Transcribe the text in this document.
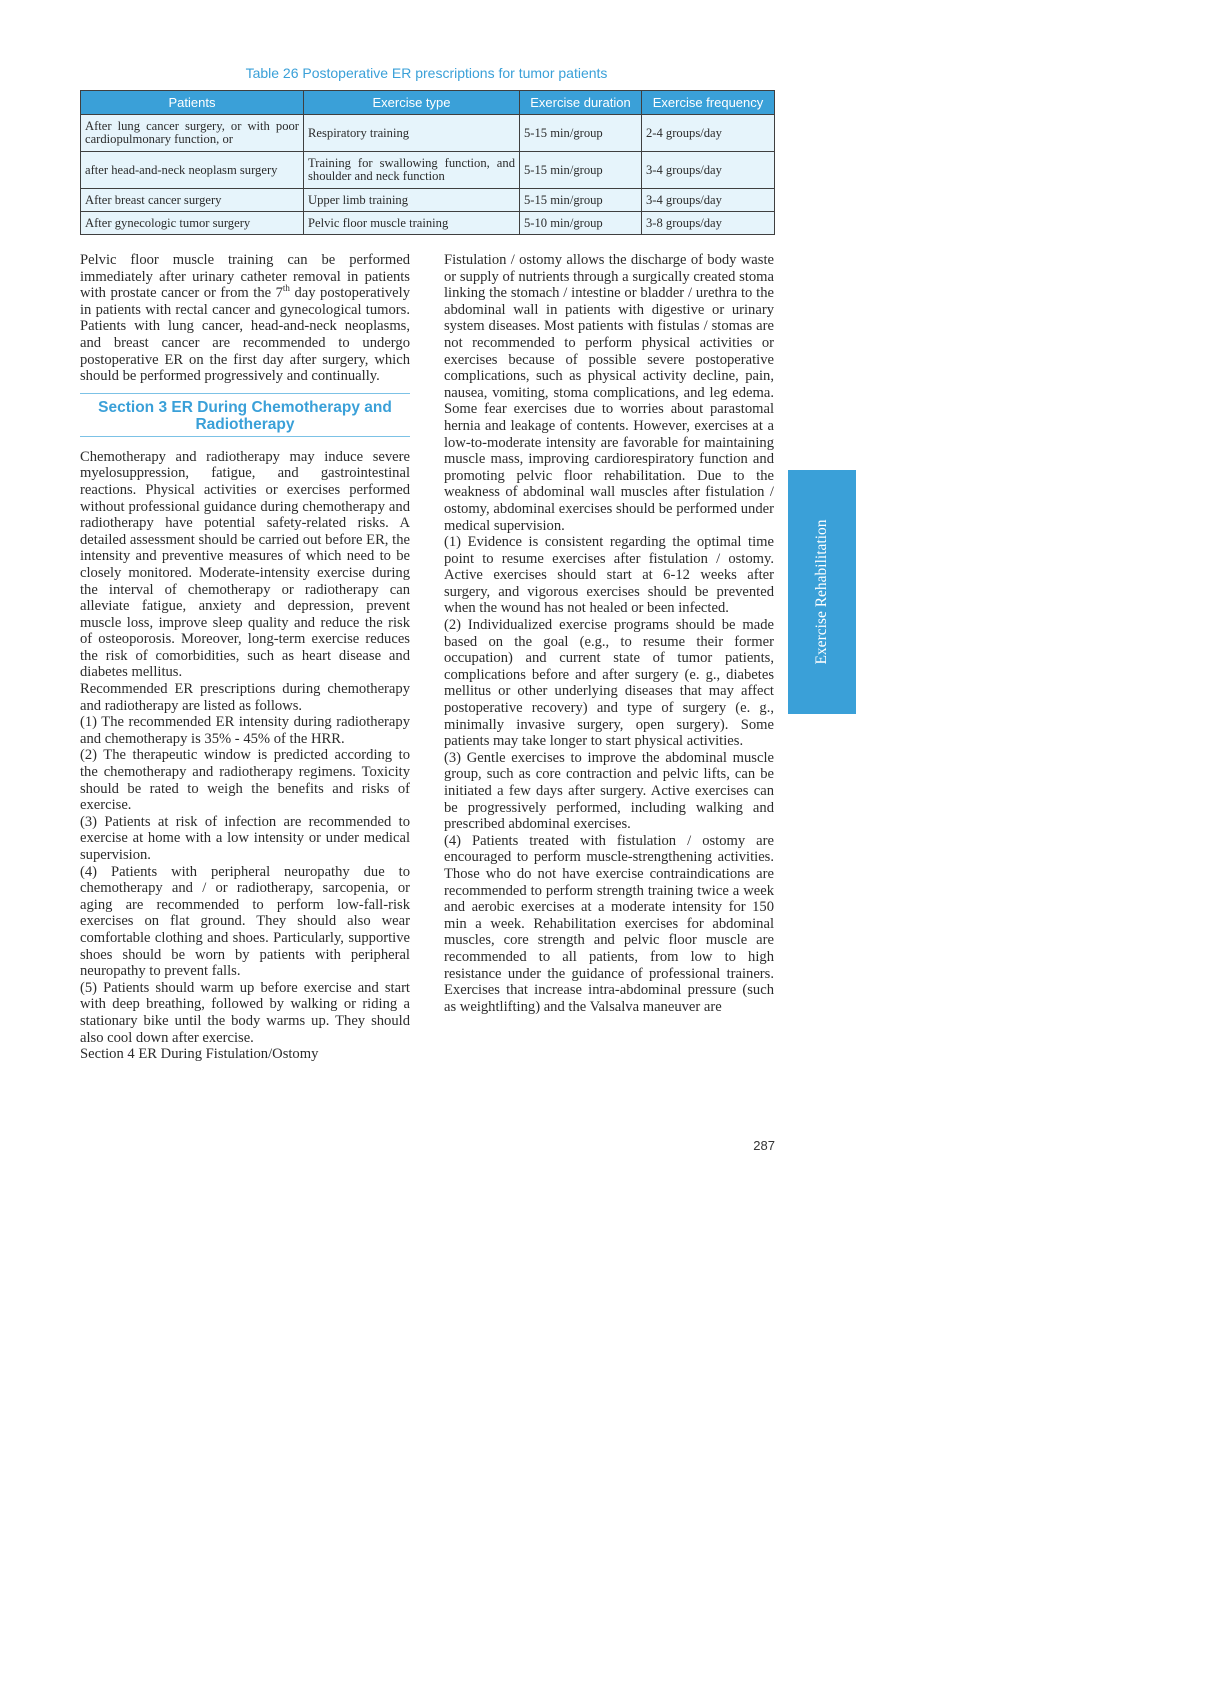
Table 26 Postoperative ER prescriptions for tumor patients
Patients	Exercise type	Exercise duration	Exercise frequency
After lung cancer surgery, or with poor cardiopulmonary function, or	Respiratory training	5-15 min/group	2-4 groups/day
after head-and-neck neoplasm surgery	Training for swallowing function, and shoulder and neck function	5-15 min/group	3-4 groups/day
After breast cancer surgery	Upper limb training	5-15 min/group	3-4 groups/day
After gynecologic tumor surgery	Pelvic floor muscle training	5-10 min/group	3-8 groups/day

Pelvic floor muscle training can be performed immediately after urinary catheter removal in patients with prostate cancer or from the 7th day postoperatively in patients with rectal cancer and gynecological tumors. Patients with lung cancer, head-and-neck neoplasms, and breast cancer are recommended to undergo postoperative ER on the first day after surgery, which should be performed progressively and continually.

Section 3 ER During Chemotherapy and Radiotherapy

Chemotherapy and radiotherapy may induce severe myelosuppression, fatigue, and gastrointestinal reactions. Physical activities or exercises performed without professional guidance during chemotherapy and radiotherapy have potential safety-related risks. A detailed assessment should be carried out before ER, the intensity and preventive measures of which need to be closely monitored. Moderate-intensity exercise during the interval of chemotherapy or radiotherapy can alleviate fatigue, anxiety and depression, prevent muscle loss, improve sleep quality and reduce the risk of osteoporosis. Moreover, long-term exercise reduces the risk of comorbidities, such as heart disease and diabetes mellitus.

Recommended ER prescriptions during chemotherapy and radiotherapy are listed as follows.

(1) The recommended ER intensity during radiotherapy and chemotherapy is 35% - 45% of the HRR.

(2) The therapeutic window is predicted according to the chemotherapy and radiotherapy regimens. Toxicity should be rated to weigh the benefits and risks of exercise.

(3) Patients at risk of infection are recommended to exercise at home with a low intensity or under medical supervision.

(4) Patients with peripheral neuropathy due to chemotherapy and / or radiotherapy, sarcopenia, or aging are recommended to perform low-fall-risk exercises on flat ground. They should also wear comfortable clothing and shoes. Particularly, supportive shoes should be worn by patients with peripheral neuropathy to prevent falls.

(5) Patients should warm up before exercise and start with deep breathing, followed by walking or riding a stationary bike until the body warms up. They should also cool down after exercise.

Section 4 ER During Fistulation/Ostomy

Fistulation / ostomy allows the discharge of body waste or supply of nutrients through a surgically created stoma linking the stomach / intestine or bladder / urethra to the abdominal wall in patients with digestive or urinary system diseases. Most patients with fistulas / stomas are not recommended to perform physical activities or exercises because of possible severe postoperative complications, such as physical activity decline, pain, nausea, vomiting, stoma complications, and leg edema. Some fear exercises due to worries about parastomal hernia and leakage of contents. However, exercises at a low-to-moderate intensity are favorable for maintaining muscle mass, improving cardiorespiratory function and promoting pelvic floor rehabilitation. Due to the weakness of abdominal wall muscles after fistulation / ostomy, abdominal exercises should be performed under medical supervision.

(1) Evidence is consistent regarding the optimal time point to resume exercises after fistulation / ostomy. Active exercises should start at 6-12 weeks after surgery, and vigorous exercises should be prevented when the wound has not healed or been infected.

(2) Individualized exercise programs should be made based on the goal (e.g., to resume their former occupation) and current state of tumor patients, complications before and after surgery (e. g., diabetes mellitus or other underlying diseases that may affect postoperative recovery) and type of surgery (e. g., minimally invasive surgery, open surgery). Some patients may take longer to start physical activities.

(3) Gentle exercises to improve the abdominal muscle group, such as core contraction and pelvic lifts, can be initiated a few days after surgery. Active exercises can be progressively performed, including walking and prescribed abdominal exercises.

(4) Patients treated with fistulation / ostomy are encouraged to perform muscle-strengthening activities. Those who do not have exercise contraindications are recommended to perform strength training twice a week and aerobic exercises at a moderate intensity for 150 min a week. Rehabilitation exercises for abdominal muscles, core strength and pelvic floor muscle are recommended to all patients, from low to high resistance under the guidance of professional trainers. Exercises that increase intra-abdominal pressure (such as weightlifting) and the Valsalva maneuver are

Exercise Rehabilitation
287
